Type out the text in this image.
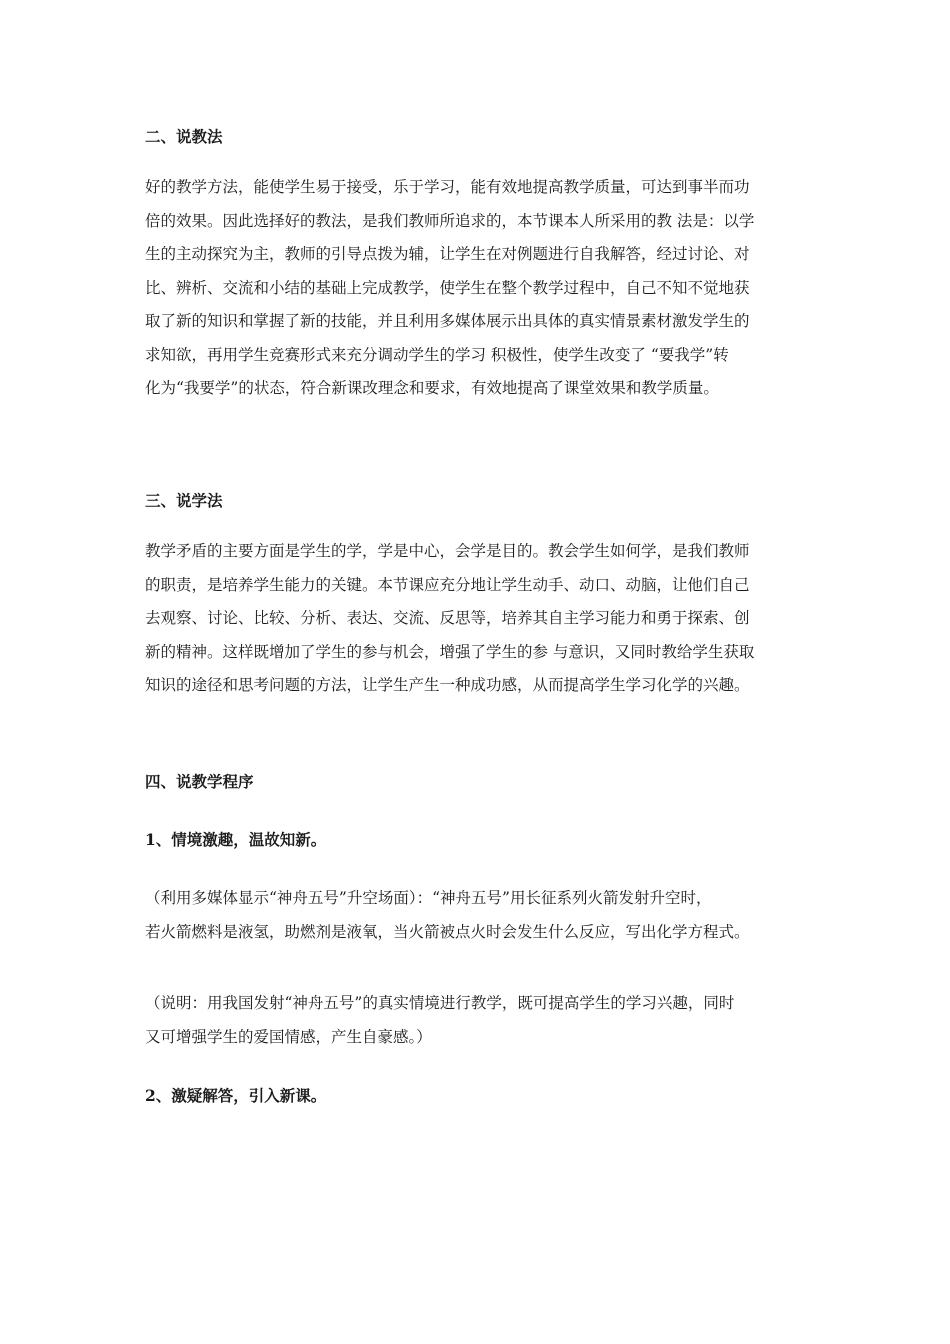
二、说教法
好的教学方法，能使学生易于接受，乐于学习，能有效地提高教学质量，可达到事半而功
倍的效果。因此选择好的教法，是我们教师所追求的，本节课本人所采用的教 法是：以学
生的主动探究为主，教师的引导点拨为辅，让学生在对例题进行自我解答，经过讨论、对
比、辨析、交流和小结的基础上完成教学，使学生在整个教学过程中，自己不知不觉地获
取了新的知识和掌握了新的技能，并且利用多媒体展示出具体的真实情景素材激发学生的
求知欲，再用学生竞赛形式来充分调动学生的学习 积极性，使学生改变了 “要我学”转
化为“我要学”的状态，符合新课改理念和要求，有效地提高了课堂效果和教学质量。
三、说学法
教学矛盾的主要方面是学生的学，学是中心，会学是目的。教会学生如何学，是我们教师
的职责，是培养学生能力的关键。本节课应充分地让学生动手、动口、动脑，让他们自己
去观察、讨论、比较、分析、表达、交流、反思等，培养其自主学习能力和勇于探索、创
新的精神。这样既增加了学生的参与机会，增强了学生的参 与意识，又同时教给学生获取
知识的途径和思考问题的方法，让学生产生一种成功感，从而提高学生学习化学的兴趣。
四、说教学程序
1、情境激趣，温故知新。
（利用多媒体显示“神舟五号”升空场面）：“神舟五号”用长征系列火箭发射升空时，
若火箭燃料是液氢，助燃剂是液氧，当火箭被点火时会发生什么反应，写出化学方程式。
（说明：用我国发射“神舟五号”的真实情境进行教学，既可提高学生的学习兴趣，同时
又可增强学生的爱国情感，产生自豪感。）
2、激疑解答，引入新课。
